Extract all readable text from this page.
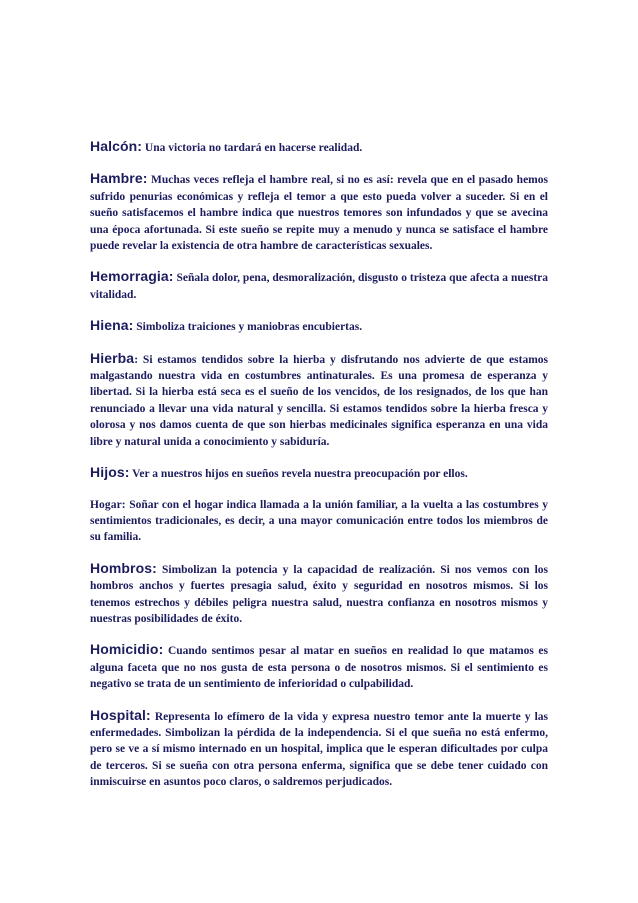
Halcón: Una victoria no tardará en hacerse realidad.

Hambre: Muchas veces refleja el hambre real, si no es así: revela que en el pasado hemos sufrido penurias económicas y refleja el temor a que esto pueda volver a suceder. Si en el sueño satisfacemos el hambre indica que nuestros temores son infundados y que se avecina una época afortunada. Si este sueño se repite muy a menudo y nunca se satisface el hambre puede revelar la existencia de otra hambre de características sexuales.

Hemorragia: Señala dolor, pena, desmoralización, disgusto o tristeza que afecta a nuestra vitalidad.

Hiena: Simboliza traiciones y maniobras encubiertas.

Hierba: Si estamos tendidos sobre la hierba y disfrutando nos advierte de que estamos malgastando nuestra vida en costumbres antinaturales. Es una promesa de esperanza y libertad. Si la hierba está seca es el sueño de los vencidos, de los resignados, de los que han renunciado a llevar una vida natural y sencilla. Si estamos tendidos sobre la hierba fresca y olorosa y nos damos cuenta de que son hierbas medicinales significa esperanza en una vida libre y natural unida a conocimiento y sabiduría.

Hijos: Ver a nuestros hijos en sueños revela nuestra preocupación por ellos.

Hogar: Soñar con el hogar indica llamada a la unión familiar, a la vuelta a las costumbres y sentimientos tradicionales, es decir, a una mayor comunicación entre todos los miembros de su familia.

Hombros: Simbolizan la potencia y la capacidad de realización. Si nos vemos con los hombros anchos y fuertes presagia salud, éxito y seguridad en nosotros mismos. Si los tenemos estrechos y débiles peligra nuestra salud, nuestra confianza en nosotros mismos y nuestras posibilidades de éxito.

Homicidio: Cuando sentimos pesar al matar en sueños en realidad lo que matamos es alguna faceta que no nos gusta de esta persona o de nosotros mismos. Si el sentimiento es negativo se trata de un sentimiento de inferioridad o culpabilidad.

Hospital: Representa lo efímero de la vida y expresa nuestro temor ante la muerte y las enfermedades. Simbolizan la pérdida de la independencia. Si el que sueña no está enfermo, pero se ve a sí mismo internado en un hospital, implica que le esperan dificultades por culpa de terceros. Si se sueña con otra persona enferma, significa que se debe tener cuidado con inmiscuirse en asuntos poco claros, o saldremos perjudicados.
